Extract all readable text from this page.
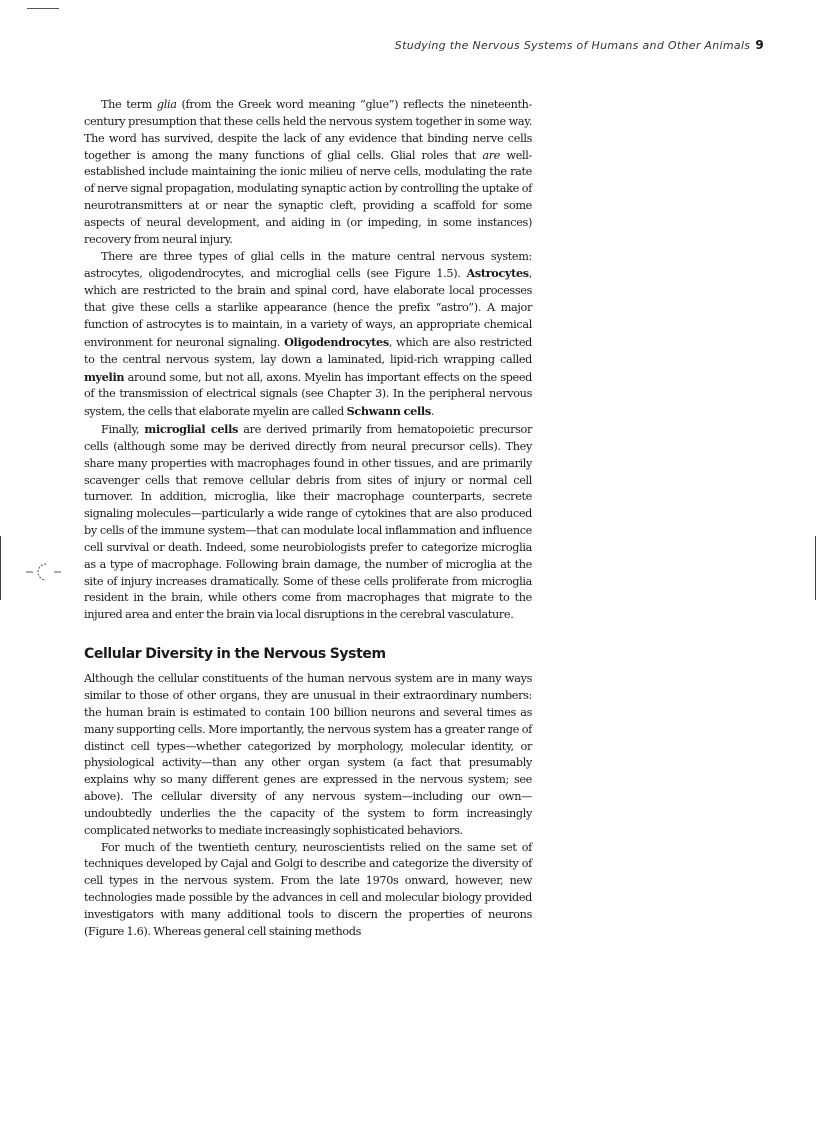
Studying the Nervous Systems of Humans and Other Animals 9

The term glia (from the Greek word meaning “glue”) reflects the nineteenth-century presumption that these cells held the nervous system together in some way. The word has survived, despite the lack of any evidence that binding nerve cells together is among the many functions of glial cells. Glial roles that are well-established include maintaining the ionic milieu of nerve cells, modulating the rate of nerve signal propagation, modulating synaptic action by controlling the uptake of neurotransmitters at or near the synaptic cleft, providing a scaffold for some aspects of neural development, and aiding in (or impeding, in some instances) recovery from neural injury.

There are three types of glial cells in the mature central nervous system: astrocytes, oligodendrocytes, and microglial cells (see Figure 1.5). Astrocytes, which are restricted to the brain and spinal cord, have elaborate local processes that give these cells a starlike appearance (hence the prefix “astro”). A major function of astrocytes is to maintain, in a variety of ways, an appropriate chemical environment for neuronal signaling. Oligodendrocytes, which are also restricted to the central nervous system, lay down a laminated, lipid-rich wrapping called myelin around some, but not all, axons. Myelin has important effects on the speed of the transmission of electrical signals (see Chapter 3). In the peripheral nervous system, the cells that elaborate myelin are called Schwann cells.

Finally, microglial cells are derived primarily from hematopoietic precursor cells (although some may be derived directly from neural precursor cells). They share many properties with macrophages found in other tissues, and are primarily scavenger cells that remove cellular debris from sites of injury or normal cell turnover. In addition, microglia, like their macrophage counterparts, secrete signaling molecules—particularly a wide range of cytokines that are also produced by cells of the immune system—that can modulate local inflammation and influence cell survival or death. Indeed, some neurobiologists prefer to categorize microglia as a type of macrophage. Following brain damage, the number of microglia at the site of injury increases dramatically. Some of these cells proliferate from microglia resident in the brain, while others come from macrophages that migrate to the injured area and enter the brain via local disruptions in the cerebral vasculature.

Cellular Diversity in the Nervous System

Although the cellular constituents of the human nervous system are in many ways similar to those of other organs, they are unusual in their extraordinary numbers: the human brain is estimated to contain 100 billion neurons and several times as many supporting cells. More importantly, the nervous system has a greater range of distinct cell types—whether categorized by morphology, molecular identity, or physiological activity—than any other organ system (a fact that presumably explains why so many different genes are expressed in the nervous system; see above). The cellular diversity of any nervous system—including our own—undoubtedly underlies the the capacity of the system to form increasingly complicated networks to mediate increasingly sophisticated behaviors.

For much of the twentieth century, neuroscientists relied on the same set of techniques developed by Cajal and Golgi to describe and categorize the diversity of cell types in the nervous system. From the late 1970s onward, however, new technologies made possible by the advances in cell and molecular biology provided investigators with many additional tools to discern the properties of neurons (Figure 1.6). Whereas general cell staining methods
